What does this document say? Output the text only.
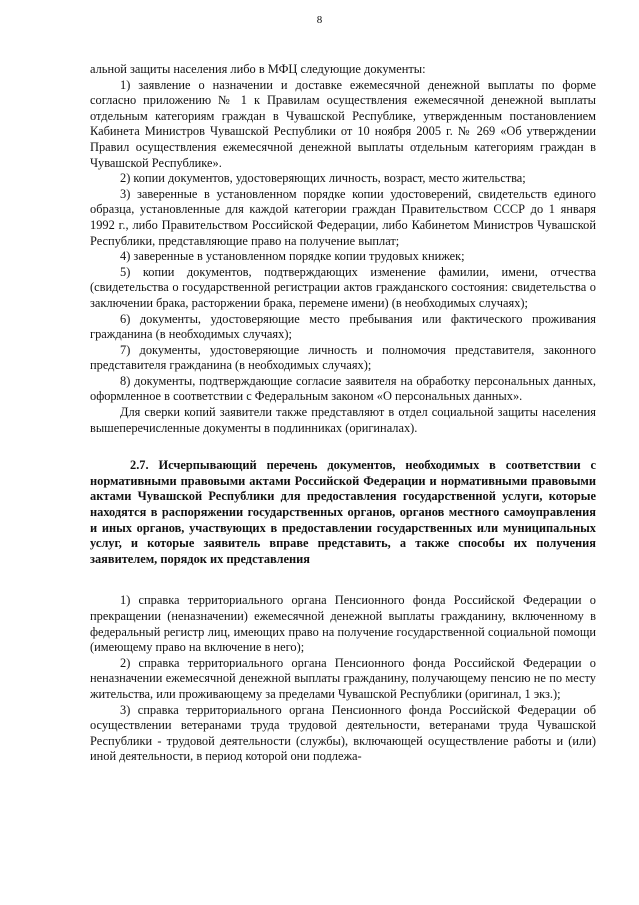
8

альной защиты населения либо в МФЦ следующие документы:

1) заявление о назначении и доставке ежемесячной денежной выплаты по форме согласно приложению № 1 к Правилам осуществления ежемесячной денежной выплаты отдельным категориям граждан в Чувашской Республике, утвержденным постановлением Кабинета Министров Чувашской Республики от 10 ноября 2005 г. № 269 «Об утверждении Правил осуществления ежемесячной денежной выплаты отдельным категориям граждан в Чувашской Республике».

2) копии документов, удостоверяющих личность, возраст, место жительства;

3) заверенные в установленном порядке копии удостоверений, свидетельств единого образца, установленные для каждой категории граждан Правительством СССР до 1 января 1992 г., либо Правительством Российской Федерации, либо Кабинетом Министров Чувашской Республики, представляющие право на получение выплат;

4) заверенные в установленном порядке копии трудовых книжек;

5) копии документов, подтверждающих изменение фамилии, имени, отчества (свидетельства о государственной регистрации актов гражданского состояния: свидетельства о заключении брака, расторжении брака, перемене имени) (в необходимых случаях);

6) документы, удостоверяющие место пребывания или фактического проживания гражданина (в необходимых случаях);

7) документы, удостоверяющие личность и полномочия представителя, законного представителя гражданина (в необходимых случаях);

8) документы, подтверждающие согласие заявителя на обработку персональных данных, оформленное в соответствии с Федеральным законом «О персональных данных».

Для сверки копий заявители также представляют в отдел социальной защиты населения вышеперечисленные документы в подлинниках (оригиналах).

2.7. Исчерпывающий перечень документов, необходимых в соответствии с нормативными правовыми актами Российской Федерации и нормативными правовыми актами Чувашской Республики для предоставления государственной услуги, которые находятся в распоряжении государственных органов, органов местного самоуправления и иных органов, участвующих в предоставлении государственных или муниципальных услуг, и которые заявитель вправе представить, а также способы их получения заявителем, порядок их представления

1) справка территориального органа Пенсионного фонда Российской Федерации о прекращении (неназначении) ежемесячной денежной выплаты гражданину, включенному в федеральный регистр лиц, имеющих право на получение государственной социальной помощи (имеющему право на включение в него);

2) справка территориального органа Пенсионного фонда Российской Федерации о неназначении ежемесячной денежной выплаты гражданину, получающему пенсию не по месту жительства, или проживающему за пределами Чувашской Республики (оригинал, 1 экз.);

3) справка территориального органа Пенсионного фонда Российской Федерации об осуществлении ветеранами труда трудовой деятельности, ветеранами труда Чувашской Республики - трудовой деятельности (службы), включающей осуществление работы и (или) иной деятельности, в период которой они подлежа-
